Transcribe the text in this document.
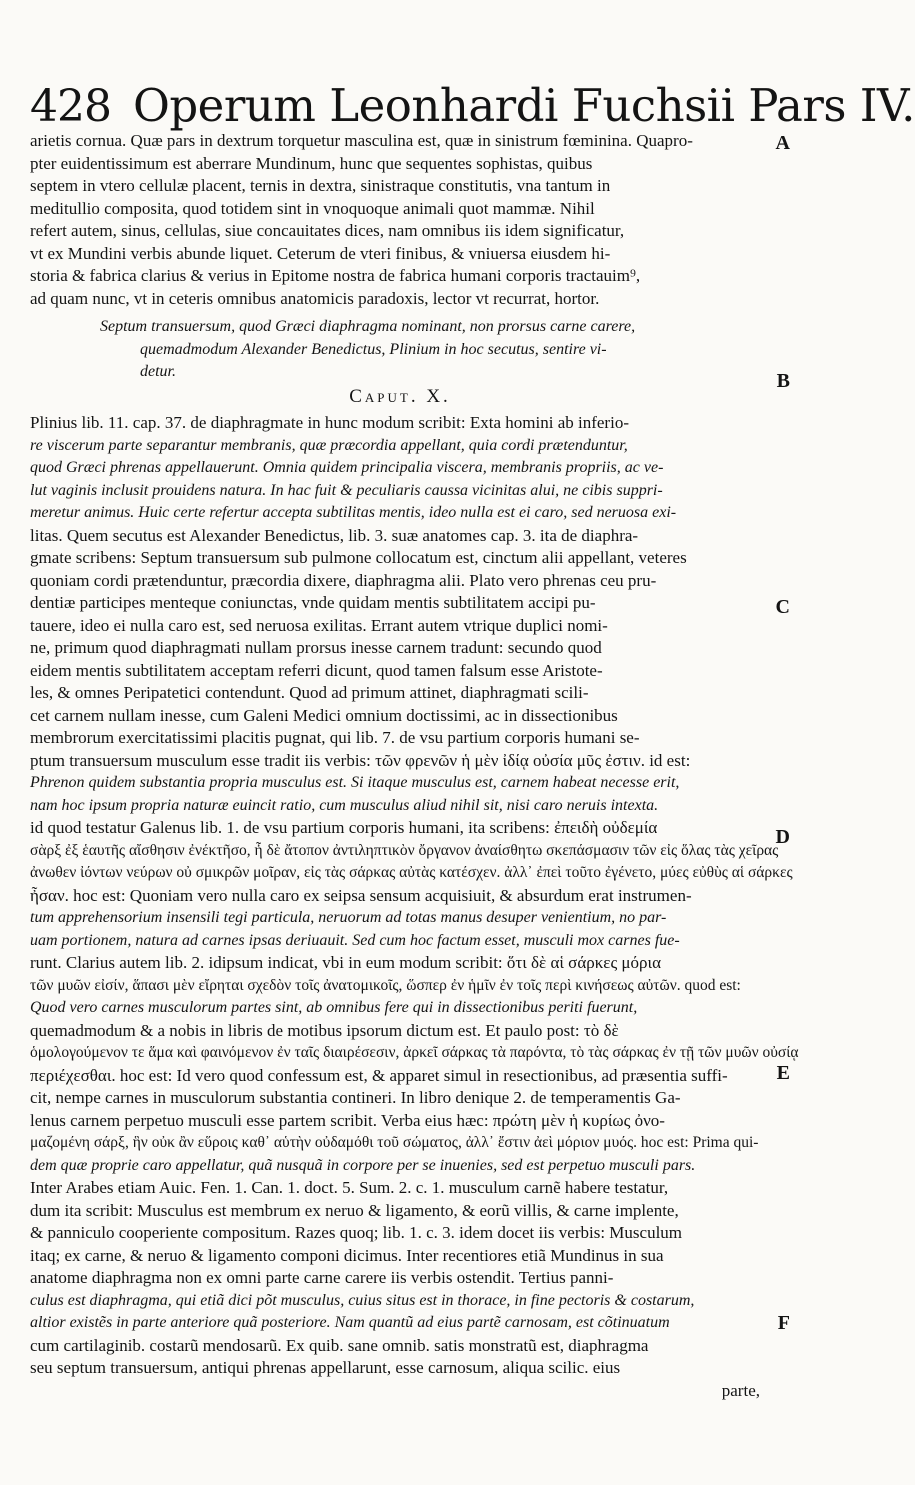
428 Operum Leonhardi Fuchsii Pars IV.
A
B
C
D
E
F
arietis cornua. Quæ pars in dextrum torquetur masculina est, quæ in sinistrum fœminina. Quapro-
pter euidentissimum est aberrare Mundinum, hunc que sequentes sophistas, quibus
septem in vtero cellulæ placent, ternis in dextra, sinistraque constitutis, vna tantum in
meditullio composita, quod totidem sint in vnoquoque animali quot mammæ. Nihil
refert autem, sinus, cellulas, siue concauitates dices, nam omnibus iis idem significatur,
vt ex Mundini verbis abunde liquet. Ceterum de vteri finibus, & vniuersa eiusdem hi-
storia & fabrica clarius & verius in Epitome nostra de fabrica humani corporis tractauim⁹,
ad quam nunc, vt in ceteris omnibus anatomicis paradoxis, lector vt recurrat, hortor.
Septum transuersum, quod Græci diaphragma nominant, non prorsus carne carere,
quemadmodum Alexander Benedictus, Plinium in hoc secutus, sentire vi-
detur.
Caput. X.
Plinius lib. 11. cap. 37. de diaphragmate in hunc modum scribit: Exta homini ab inferio-
re viscerum parte separantur membranis, quæ præcordia appellant, quia cordi prætenduntur,
quod Græci phrenas appellauerunt. Omnia quidem principalia viscera, membranis propriis, ac ve-
lut vaginis inclusit prouidens natura. In hac fuit & peculiaris caussa vicinitas alui, ne cibis suppri-
meretur animus. Huic certe refertur accepta subtilitas mentis, ideo nulla est ei caro, sed neruosa exi-
litas. Quem secutus est Alexander Benedictus, lib. 3. suæ anatomes cap. 3. ita de diaphra-
gmate scribens: Septum transuersum sub pulmone collocatum est, cinctum alii appellant, veteres
quoniam cordi prætenduntur, præcordia dixere, diaphragma alii. Plato vero phrenas ceu pru-
dentiæ participes menteque coniunctas, vnde quidam mentis subtilitatem accipi pu-
tauere, ideo ei nulla caro est, sed neruosa exilitas. Errant autem vtrique duplici nomi-
ne, primum quod diaphragmati nullam prorsus inesse carnem tradunt: secundo quod
eidem mentis subtilitatem acceptam referri dicunt, quod tamen falsum esse Aristote-
les, & omnes Peripatetici contendunt. Quod ad primum attinet, diaphragmati scili-
cet carnem nullam inesse, cum Galeni Medici omnium doctissimi, ac in dissectionibus
membrorum exercitatissimi placitis pugnat, qui lib. 7. de vsu partium corporis humani se-
ptum transuersum musculum esse tradit iis verbis: τῶν φρενῶν ἡ μὲν ἰδίᾳ οὐσία μῦς ἐστιν. id est:
Phrenon quidem substantia propria musculus est. Si itaque musculus est, carnem habeat necesse erit,
nam hoc ipsum propria naturæ euincit ratio, cum musculus aliud nihil sit, nisi caro neruis intexta.
id quod testatur Galenus lib. 1. de vsu partium corporis humani, ita scribens: ἐπειδὴ οὐδεμία
σὰρξ ἐξ ἑαυτῆς αἴσθησιν ἐνέκτῆσο, ἦ δὲ ἄτοπον ἀντιληπτικὸν ὄργανον ἀναίσθητω σκεπάσμασιν τῶν εἰς ὅλας τὰς χεῖρας
ἀνωθεν ἰόντων νεύρων οὐ σμικρῶν μοῖραν, εἰς τὰς σάρκας αὐτὰς κατέσχεν. ἀλλ᾽ ἐπεὶ τοῦτο ἐγένετο, μύες εὐθὺς αἱ σάρκες
ἦσαν. hoc est: Quoniam vero nulla caro ex seipsa sensum acquisiuit, & absurdum erat instrumen-
tum apprehensorium insensili tegi particula, neruorum ad totas manus desuper venientium, no par-
uam portionem, natura ad carnes ipsas deriuauit. Sed cum hoc factum esset, musculi mox carnes fue-
runt. Clarius autem lib. 2. idipsum indicat, vbi in eum modum scribit: ὅτι δὲ αἱ σάρκες μόρια
τῶν μυῶν εἰσίν, ἅπασι μὲν εἴρηται σχεδὸν τοῖς ἀνατομικοῖς, ὥσπερ ἐν ἡμῖν ἐν τοῖς περὶ κινήσεως αὐτῶν. quod est:
Quod vero carnes musculorum partes sint, ab omnibus fere qui in dissectionibus periti fuerunt,
quemadmodum & a nobis in libris de motibus ipsorum dictum est. Et paulo post: τὸ δὲ
ὁμολογούμενον τε ἅμα καὶ φαινόμενον ἐν ταῖς διαιρέσεσιν, ἀρκεῖ σάρκας τὰ παρόντα, τὸ τὰς σάρκας ἐν τῇ τῶν μυῶν οὐσίᾳ
περιέχεσθαι. hoc est: Id vero quod confessum est, & apparet simul in resectionibus, ad præsentia suffi-
cit, nempe carnes in musculorum substantia contineri. In libro denique 2. de temperamentis Ga-
lenus carnem perpetuo musculi esse partem scribit. Verba eius hæc: πρώτη μὲν ἡ κυρίως ὀνο-
μαζομένη σάρξ, ἣν οὐκ ἂν εὕροις καθ᾽ αὑτὴν οὐδαμόθι τοῦ σώματος, ἀλλ᾽ ἔστιν ἀεὶ μόριον μυός. hoc est: Prima qui-
dem quæ proprie caro appellatur, quã nusquã in corpore per se inuenies, sed est perpetuo musculi pars.
Inter Arabes etiam Auic. Fen. 1. Can. 1. doct. 5. Sum. 2. c. 1. musculum carnẽ habere testatur,
dum ita scribit: Musculus est membrum ex neruo & ligamento, & eorũ villis, & carne implente,
& panniculo cooperiente compositum. Razes quoq; lib. 1. c. 3. idem docet iis verbis: Musculum
itaq; ex carne, & neruo & ligamento componi dicimus. Inter recentiores etiã Mundinus in sua
anatome diaphragma non ex omni parte carne carere iis verbis ostendit. Tertius panni-
culus est diaphragma, qui etiã dici põt musculus, cuius situs est in thorace, in fine pectoris & costarum,
altior existẽs in parte anteriore quã posteriore. Nam quantũ ad eius partẽ carnosam, est cõtinuatum
cum cartilaginib. costarũ mendosarũ. Ex quib. sane omnib. satis monstratũ est, diaphragma
seu septum transuersum, antiqui phrenas appellarunt, esse carnosum, aliqua scilic. eius
parte,
